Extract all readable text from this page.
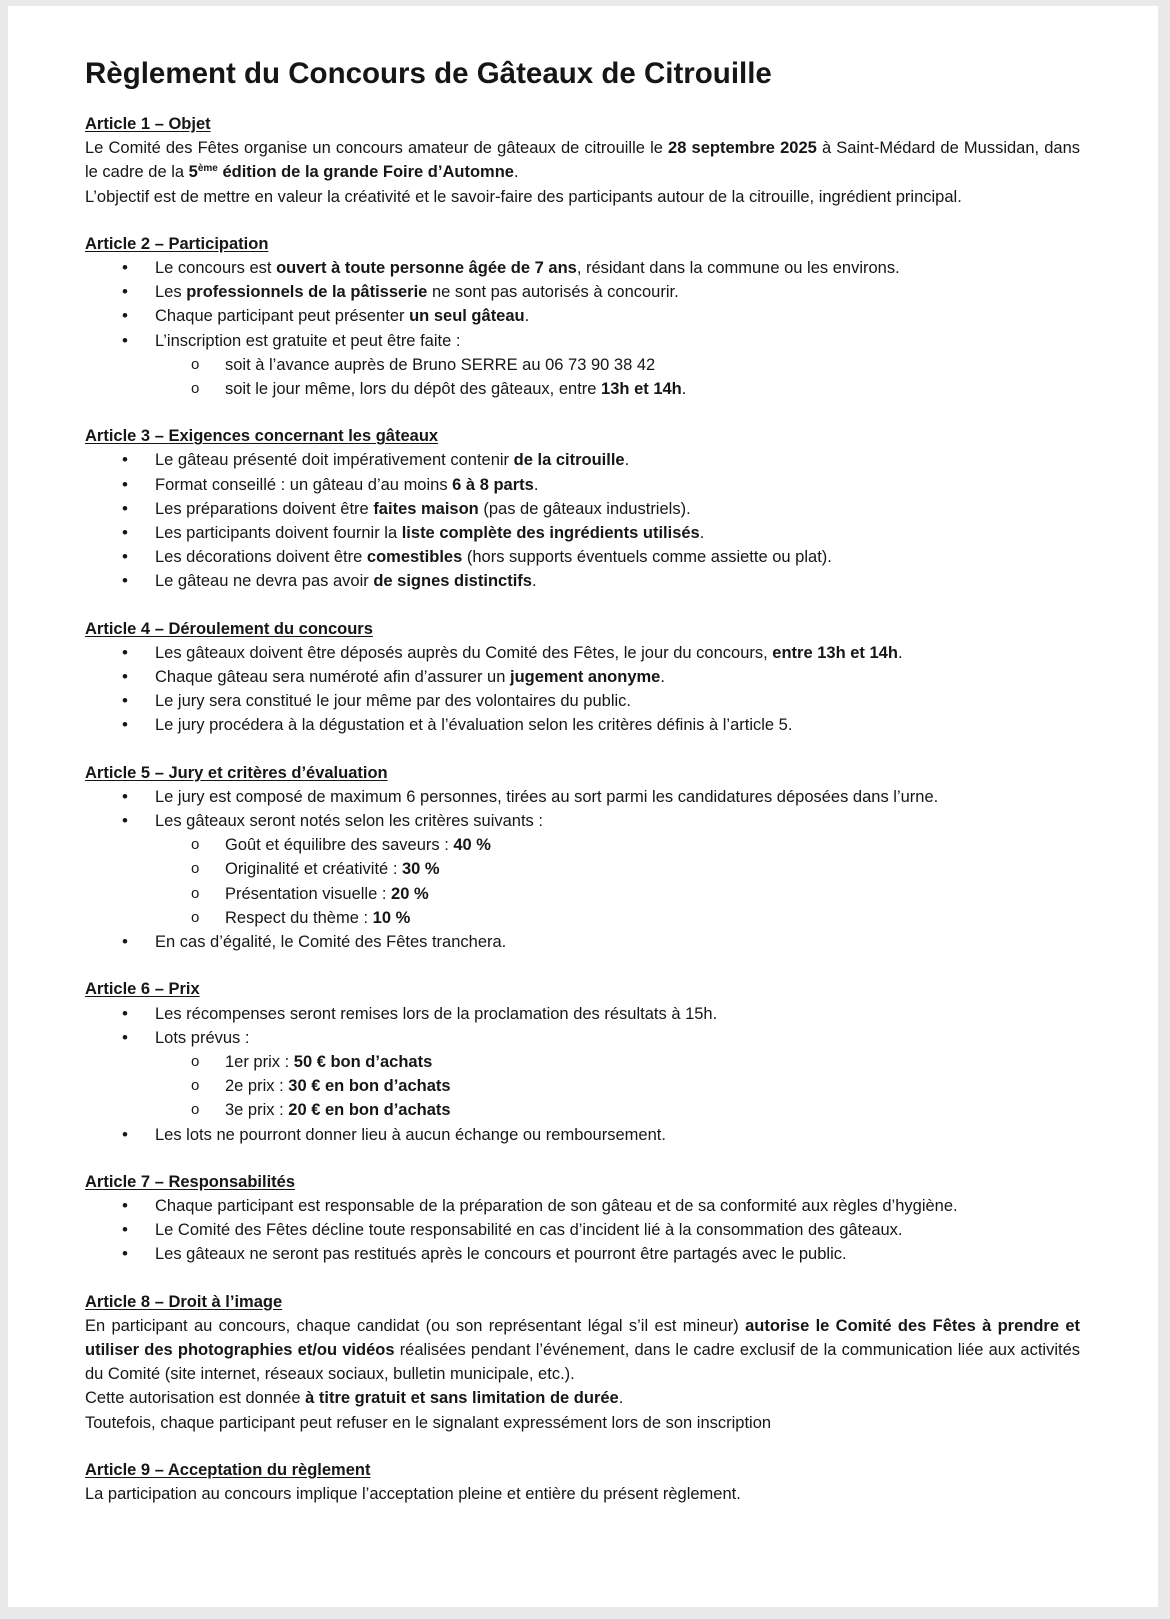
Règlement du Concours de Gâteaux de Citrouille
Article 1 – Objet
Le Comité des Fêtes organise un concours amateur de gâteaux de citrouille le 28 septembre 2025 à Saint-Médard de Mussidan, dans le cadre de la 5ème édition de la grande Foire d’Automne.
L’objectif est de mettre en valeur la créativité et le savoir-faire des participants autour de la citrouille, ingrédient principal.
Article 2 – Participation
• Le concours est ouvert à toute personne âgée de 7 ans, résidant dans la commune ou les environs.
• Les professionnels de la pâtisserie ne sont pas autorisés à concourir.
• Chaque participant peut présenter un seul gâteau.
• L’inscription est gratuite et peut être faite :
o soit à l’avance auprès de Bruno SERRE au 06 73 90 38 42
o soit le jour même, lors du dépôt des gâteaux, entre 13h et 14h.
Article 3 – Exigences concernant les gâteaux
• Le gâteau présenté doit impérativement contenir de la citrouille.
• Format conseillé : un gâteau d’au moins 6 à 8 parts.
• Les préparations doivent être faites maison (pas de gâteaux industriels).
• Les participants doivent fournir la liste complète des ingrédients utilisés.
• Les décorations doivent être comestibles (hors supports éventuels comme assiette ou plat).
• Le gâteau ne devra pas avoir de signes distinctifs.
Article 4 – Déroulement du concours
• Les gâteaux doivent être déposés auprès du Comité des Fêtes, le jour du concours, entre 13h et 14h.
• Chaque gâteau sera numéroté afin d’assurer un jugement anonyme.
• Le jury sera constitué le jour même par des volontaires du public.
• Le jury procédera à la dégustation et à l’évaluation selon les critères définis à l’article 5.
Article 5 – Jury et critères d’évaluation
• Le jury est composé de maximum 6 personnes, tirées au sort parmi les candidatures déposées dans l’urne.
• Les gâteaux seront notés selon les critères suivants :
o Goût et équilibre des saveurs : 40 %
o Originalité et créativité : 30 %
o Présentation visuelle : 20 %
o Respect du thème : 10 %
• En cas d’égalité, le Comité des Fêtes tranchera.
Article 6 – Prix
• Les récompenses seront remises lors de la proclamation des résultats à 15h.
• Lots prévus :
o 1er prix : 50 € bon d’achats
o 2e prix : 30 € en bon d’achats
o 3e prix : 20 € en bon d’achats
• Les lots ne pourront donner lieu à aucun échange ou remboursement.
Article 7 – Responsabilités
• Chaque participant est responsable de la préparation de son gâteau et de sa conformité aux règles d’hygiène.
• Le Comité des Fêtes décline toute responsabilité en cas d’incident lié à la consommation des gâteaux.
• Les gâteaux ne seront pas restitués après le concours et pourront être partagés avec le public.
Article 8 – Droit à l’image
En participant au concours, chaque candidat (ou son représentant légal s’il est mineur) autorise le Comité des Fêtes à prendre et utiliser des photographies et/ou vidéos réalisées pendant l’événement, dans le cadre exclusif de la communication liée aux activités du Comité (site internet, réseaux sociaux, bulletin municipale, etc.).
Cette autorisation est donnée à titre gratuit et sans limitation de durée.
Toutefois, chaque participant peut refuser en le signalant expressément lors de son inscription
Article 9 – Acceptation du règlement
La participation au concours implique l’acceptation pleine et entière du présent règlement.
